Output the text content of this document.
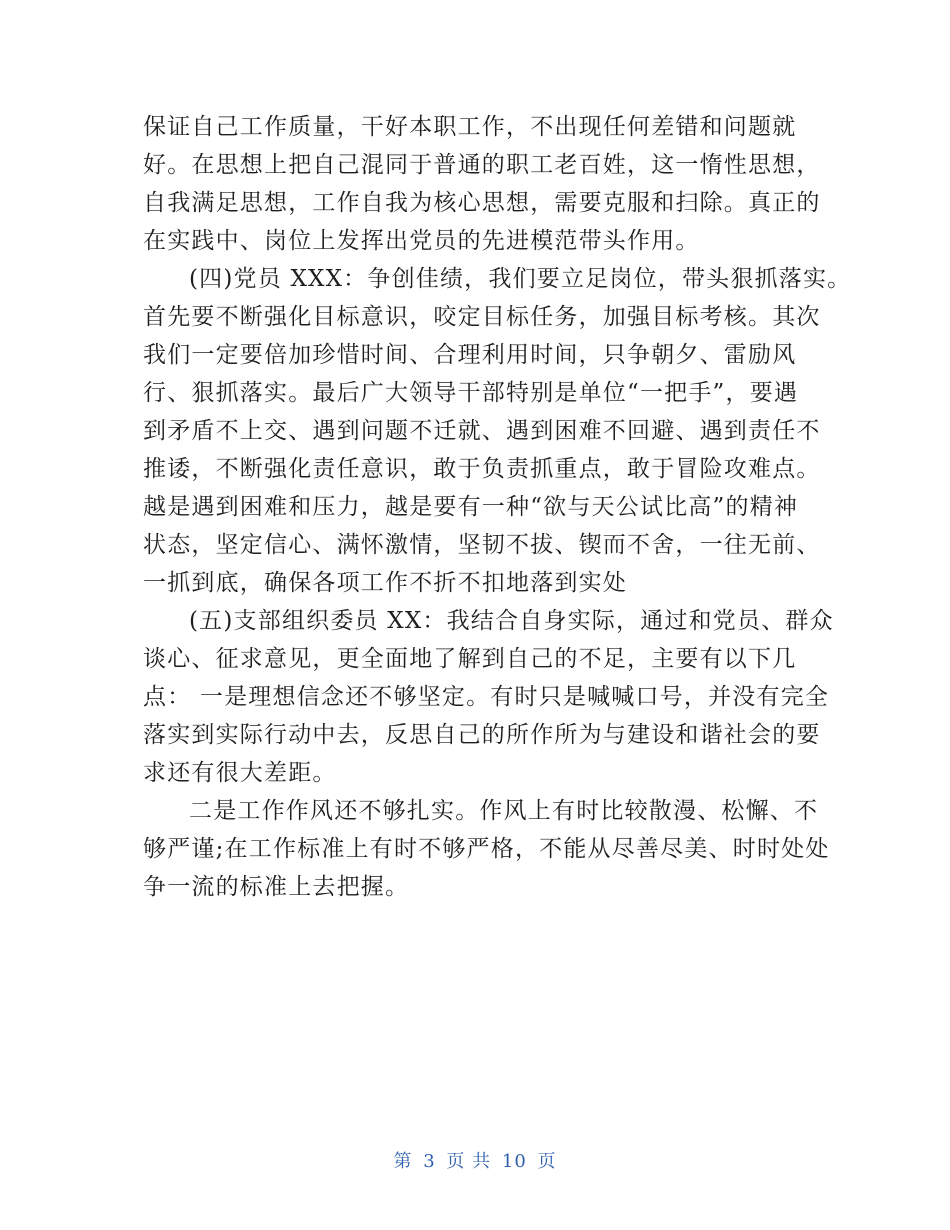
保证自己工作质量，干好本职工作，不出现任何差错和问题就
好。在思想上把自己混同于普通的职工老百姓，这一惰性思想，
自我满足思想，工作自我为核心思想，需要克服和扫除。真正的
在实践中、岗位上发挥出党员的先进模范带头作用。
(四)党员 XXX：争创佳绩，我们要立足岗位，带头狠抓落实。
首先要不断强化目标意识，咬定目标任务，加强目标考核。其次
我们一定要倍加珍惜时间、合理利用时间，只争朝夕、雷励风
行、狠抓落实。最后广大领导干部特别是单位“一把手”，要遇
到矛盾不上交、遇到问题不迁就、遇到困难不回避、遇到责任不
推诿，不断强化责任意识，敢于负责抓重点，敢于冒险攻难点。
越是遇到困难和压力，越是要有一种“欲与天公试比高”的精神
状态，坚定信心、满怀激情，坚韧不拔、锲而不舍，一往无前、
一抓到底，确保各项工作不折不扣地落到实处
(五)支部组织委员 XX：我结合自身实际，通过和党员、群众
谈心、征求意见，更全面地了解到自己的不足，主要有以下几
点： 一是理想信念还不够坚定。有时只是喊喊口号，并没有完全
落实到实际行动中去，反思自己的所作所为与建设和谐社会的要
求还有很大差距。
二是工作作风还不够扎实。作风上有时比较散漫、松懈、不
够严谨;在工作标准上有时不够严格，不能从尽善尽美、时时处处
争一流的标准上去把握。
第 3 页 共 10 页
